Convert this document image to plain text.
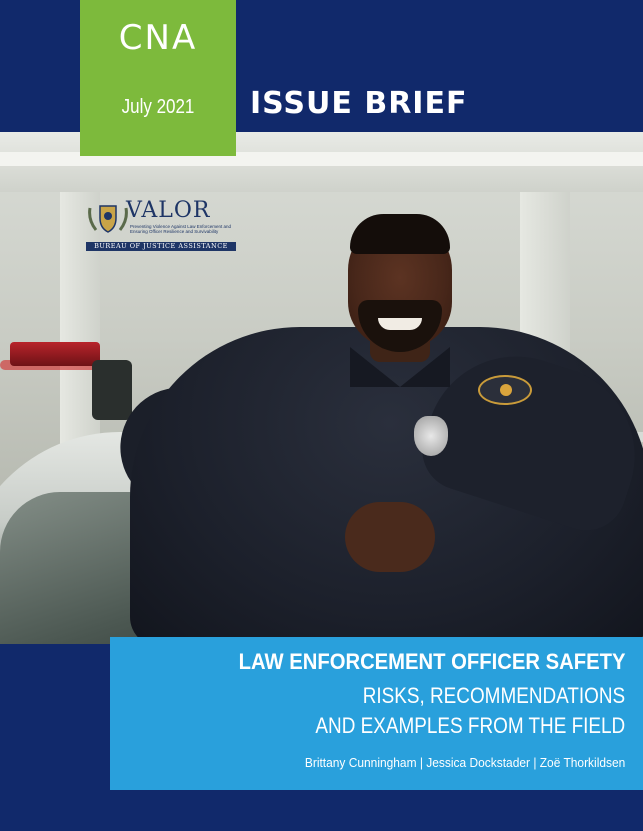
VALOR
Preventing Violence Against Law Enforcement and Ensuring Officer Resilience and Survivability
BUREAU OF JUSTICE ASSISTANCE
CNA
July 2021	ISSUE BRIEF
LAW ENFORCEMENT OFFICER SAFETY
RISKS, RECOMMENDATIONS
AND EXAMPLES FROM THE FIELD
Brittany Cunningham | Jessica Dockstader | Zoë Thorkildsen
